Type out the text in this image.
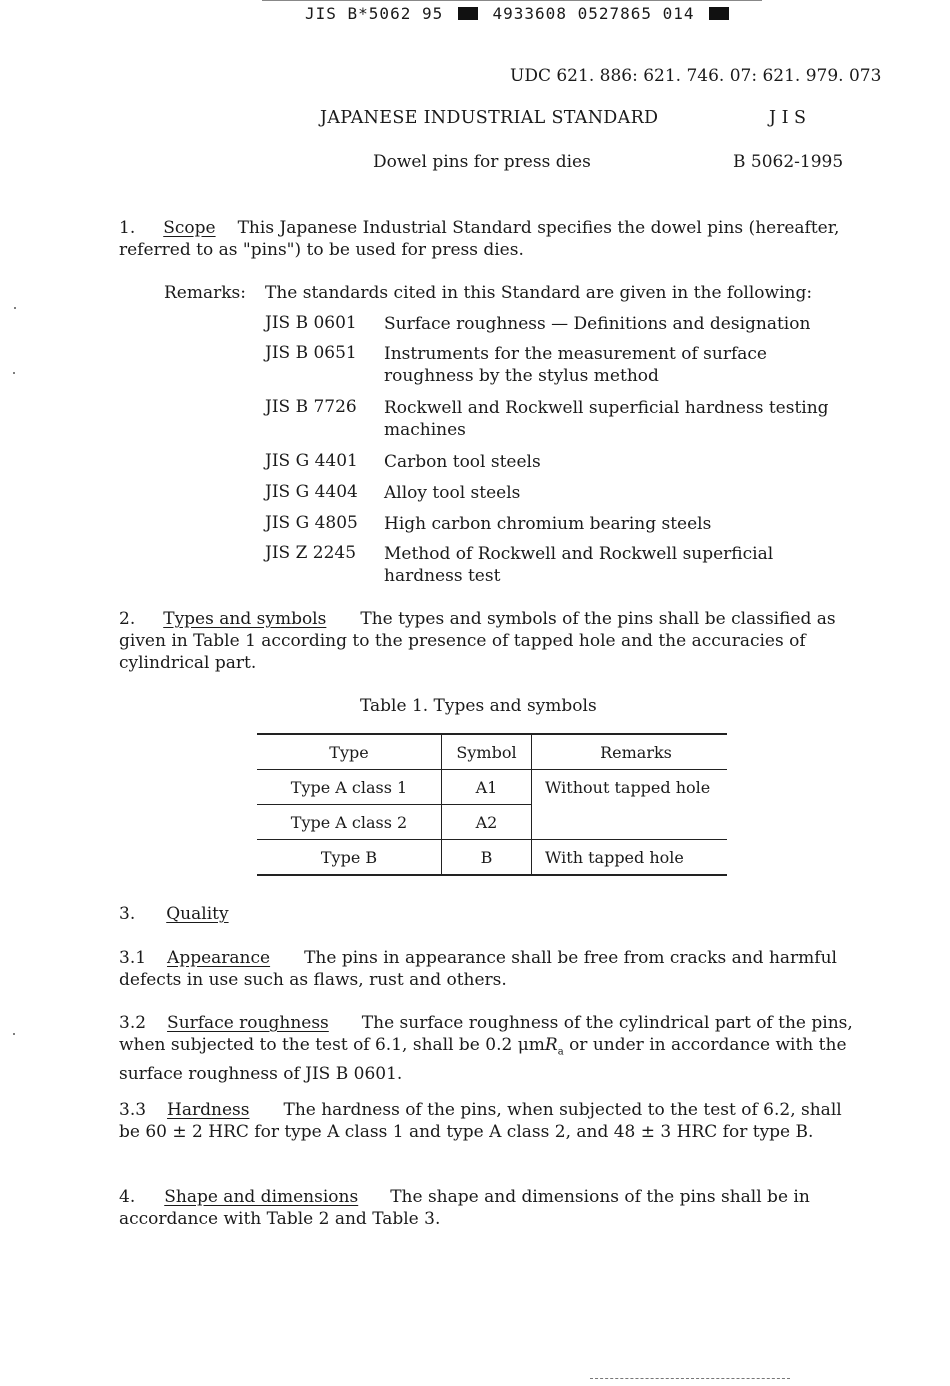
JIS B*5062 95	4933608 0527865 014
UDC 621. 886: 621. 746. 07: 621. 979. 073
JAPANESE INDUSTRIAL STANDARD	J I S
Dowel pins for press dies	B 5062-1995
1. Scope This Japanese Industrial Standard specifies the dowel pins (hereafter, referred to as "pins") to be used for press dies.
Remarks: The standards cited in this Standard are given in the following:
JIS B 0601 Surface roughness — Definitions and designation
JIS B 0651 Instruments for the measurement of surface roughness by the stylus method
JIS B 7726 Rockwell and Rockwell superficial hardness testing machines
JIS G 4401 Carbon tool steels
JIS G 4404 Alloy tool steels
JIS G 4805 High carbon chromium bearing steels
JIS Z 2245 Method of Rockwell and Rockwell superficial hardness test
2. Types and symbols The types and symbols of the pins shall be classified as given in Table 1 according to the presence of tapped hole and the accuracies of cylindrical part.
Table 1. Types and symbols
Type	Symbol	Remarks
Type A class 1	A1	Without tapped hole
Type A class 2	A2	
Type B	B	With tapped hole
3. Quality
3.1 Appearance The pins in appearance shall be free from cracks and harmful defects in use such as flaws, rust and others.
3.2 Surface roughness The surface roughness of the cylindrical part of the pins, when subjected to the test of 6.1, shall be 0.2 μmR$_a$ or under in accordance with the surface roughness of JIS B 0601.
3.3 Hardness The hardness of the pins, when subjected to the test of 6.2, shall be 60 ± 2 HRC for type A class 1 and type A class 2, and 48 ± 3 HRC for type B.
4. Shape and dimensions The shape and dimensions of the pins shall be in accordance with Table 2 and Table 3.
